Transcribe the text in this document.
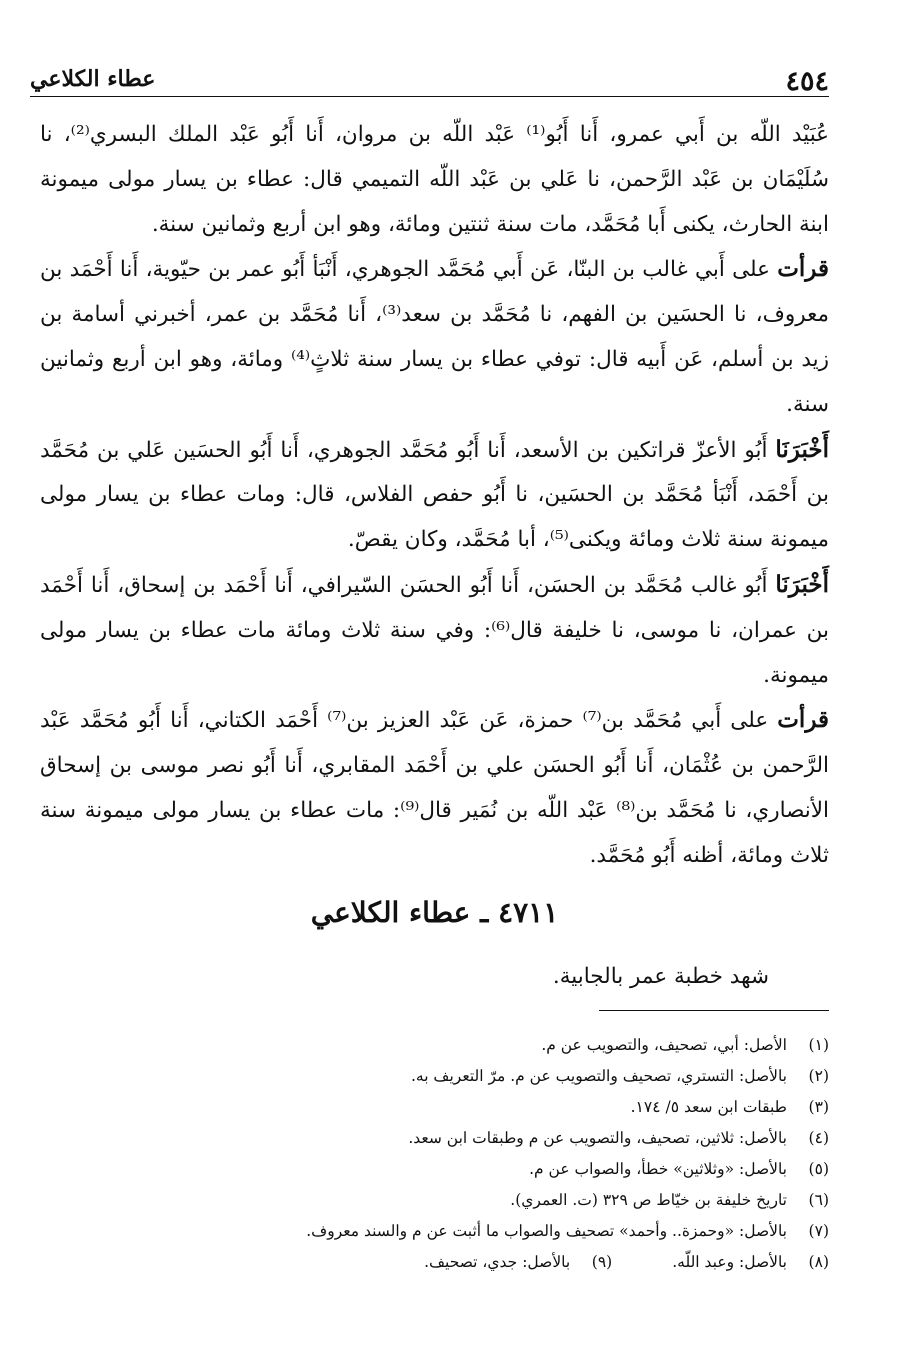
٤٥٤
عطاء الكلاعي

عُبَيْد اللّه بن أَبي عمرو، أَنا أَبُو⁽¹⁾ عَبْد اللّه بن مروان، أَنا أَبُو عَبْد الملك البسري⁽²⁾، نا سُلَيْمَان بن عَبْد الرَّحمن، نا عَلي بن عَبْد اللّه التميمي قال: عطاء بن يسار مولى ميمونة ابنة الحارث، يكنى أَبا مُحَمَّد، مات سنة ثنتين ومائة، وهو ابن أربع وثمانين سنة.

قرأت على أَبي غالب بن البنّا، عَن أَبي مُحَمَّد الجوهري، أَنْبَأ أَبُو عمر بن حيّوية، أَنا أَحْمَد بن معروف، نا الحسَين بن الفهم، نا مُحَمَّد بن سعد⁽³⁾، أَنا مُحَمَّد بن عمر، أخبرني أسامة بن زيد بن أسلم، عَن أَبيه قال: توفي عطاء بن يسار سنة ثلاثٍ⁽⁴⁾ ومائة، وهو ابن أربع وثمانين سنة.

أَخْبَرَنَا أَبُو الأعزّ قراتكين بن الأسعد، أَنا أَبُو مُحَمَّد الجوهري، أَنا أَبُو الحسَين عَلي بن مُحَمَّد بن أَحْمَد، أَنْبَأ مُحَمَّد بن الحسَين، نا أَبُو حفص الفلاس، قال: ومات عطاء بن يسار مولى ميمونة سنة ثلاث ومائة ويكنى⁽⁵⁾، أبا مُحَمَّد، وكان يقصّ.

أَخْبَرَنَا أَبُو غالب مُحَمَّد بن الحسَن، أَنا أَبُو الحسَن السّيرافي، أَنا أَحْمَد بن إسحاق، أَنا أَحْمَد بن عمران، نا موسى، نا خليفة قال⁽⁶⁾: وفي سنة ثلاث ومائة مات عطاء بن يسار مولى ميمونة.

قرأت على أَبي مُحَمَّد بن⁽⁷⁾ حمزة، عَن عَبْد العزيز بن⁽⁷⁾ أَحْمَد الكتاني، أَنا أَبُو مُحَمَّد عَبْد الرَّحمن بن عُثْمَان، أَنا أَبُو الحسَن علي بن أَحْمَد المقابري، أَنا أَبُو نصر موسى بن إسحاق الأنصاري، نا مُحَمَّد بن⁽⁸⁾ عَبْد اللّه بن نُمَير قال⁽⁹⁾: مات عطاء بن يسار مولى ميمونة سنة ثلاث ومائة، أظنه أَبُو مُحَمَّد.

٤٧١١ ـ عطاء الكلاعي

شهد خطبة عمر بالجابية.

(١)الأصل: أبي، تصحيف، والتصويب عن م.

(٢)بالأصل: التستري، تصحيف والتصويب عن م. مرّ التعريف به.

(٣)طبقات ابن سعد ٥/ ١٧٤.

(٤)بالأصل: ثلاثين، تصحيف، والتصويب عن م وطبقات ابن سعد.

(٥)بالأصل: «وثلاثين» خطأ، والصواب عن م.

(٦)تاريخ خليفة بن خيّاط ص ٣٢٩ (ت. العمري).

(٧)بالأصل: «وحمزة.. وأحمد» تصحيف والصواب ما أثبت عن م والسند معروف.

(٨)بالأصل: وعبد اللّه.

(٩)بالأصل: جدي، تصحيف.
